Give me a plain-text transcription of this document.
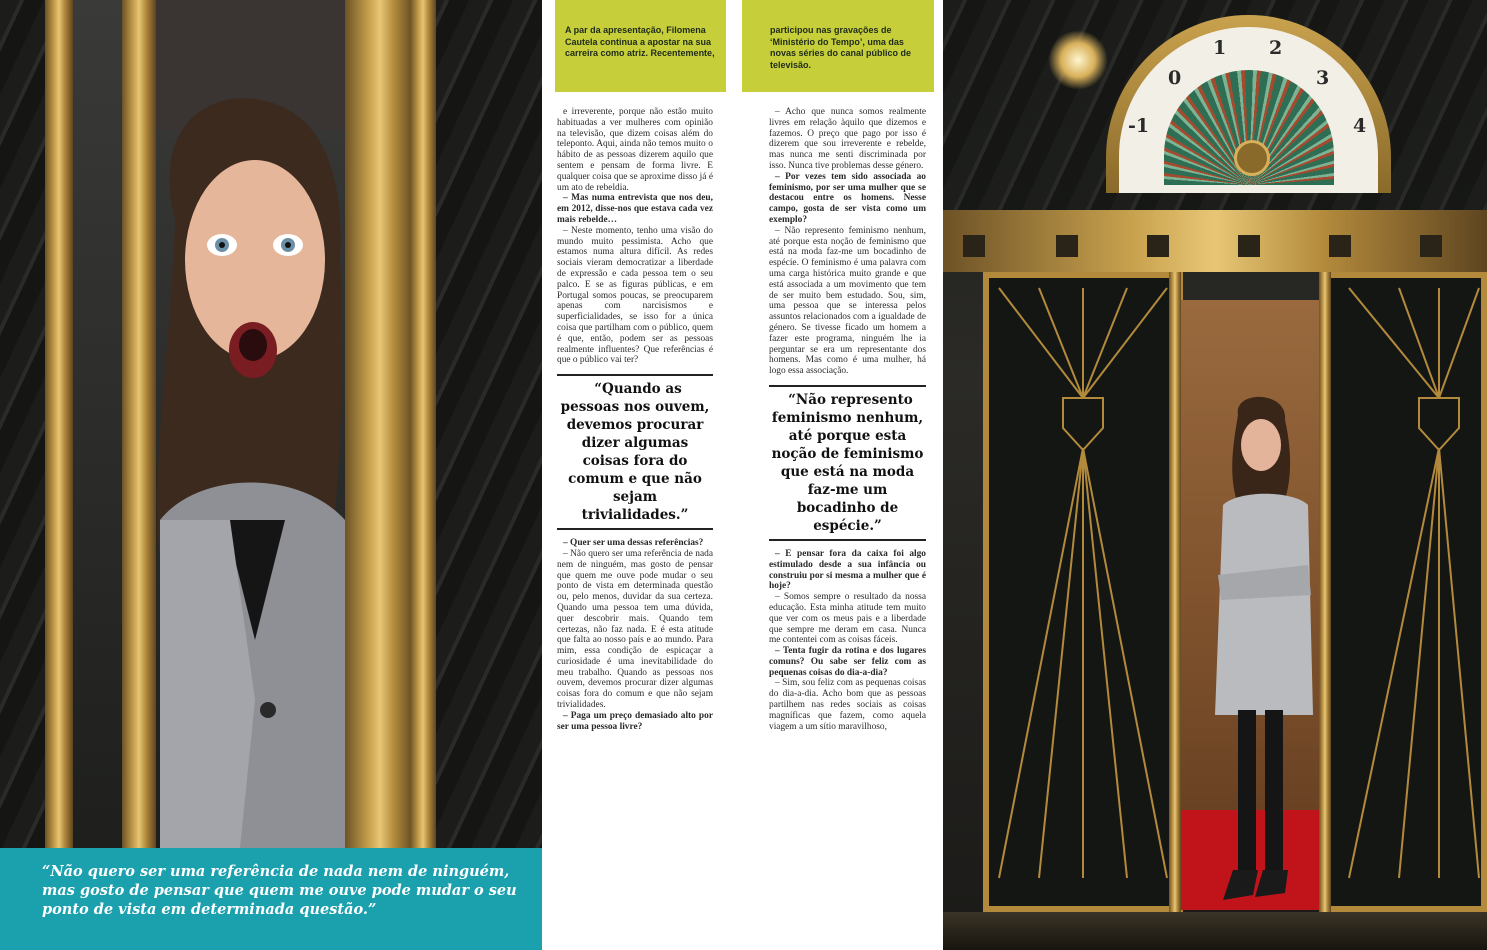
“Não quero ser uma referência de nada nem de ninguém, mas gosto de pensar que quem me ouve pode mudar o seu ponto de vista em determinada questão.”

A par da apresentação, Filomena Cautela continua a apostar na sua carreira como atriz. Recentemente,

e irreverente, porque não estão muito habituadas a ver mulheres com opinião na televisão, que dizem coisas além do teleponto. Aqui, ainda não temos muito o hábito de as pessoas dizerem aquilo que sentem e pensam de forma livre. E qualquer coisa que se aproxime disso já é um ato de rebeldia.

– Mas numa entrevista que nos deu, em 2012, disse-nos que estava cada vez mais rebelde…

– Neste momento, tenho uma visão do mundo muito pessimista. Acho que estamos numa altura difícil. As redes sociais vieram democratizar a liberdade de expressão e cada pessoa tem o seu palco. E se as figuras públicas, e em Portugal somos poucas, se preocuparem apenas com narcisismos e superficialidades, se isso for a única coisa que partilham com o público, quem é que, então, podem ser as pessoas realmente influentes? Que referências é que o público vai ter?

“Quando as pessoas nos ouvem, devemos procurar dizer algumas coisas fora do comum e que não sejam trivialidades.”

– Quer ser uma dessas referências?

– Não quero ser uma referência de nada nem de ninguém, mas gosto de pensar que quem me ouve pode mudar o seu ponto de vista em determinada questão ou, pelo menos, duvidar da sua certeza. Quando uma pessoa tem uma dúvida, quer descobrir mais. Quando tem certezas, não faz nada. E é esta atitude que falta ao nosso país e ao mundo. Para mim, essa condição de espicaçar a curiosidade é uma inevitabilidade do meu trabalho. Quando as pessoas nos ouvem, devemos procurar dizer algumas coisas fora do comum e que não sejam trivialidades.

– Paga um preço demasiado alto por ser uma pessoa livre?

participou nas gravações de ‘Ministério do Tempo’, uma das novas séries do canal público de televisão.

– Acho que nunca somos realmente livres em relação àquilo que dizemos e fazemos. O preço que pago por isso é dizerem que sou irreverente e rebelde, mas nunca me senti discriminada por isso. Nunca tive problemas desse género.

– Por vezes tem sido associada ao feminismo, por ser uma mulher que se destacou entre os homens. Nesse campo, gosta de ser vista como um exemplo?

– Não represento feminismo nenhum, até porque esta noção de feminismo que está na moda faz-me um bocadinho de espécie. O feminismo é uma palavra com uma carga histórica muito grande e que está associada a um movimento que tem de ser muito bem estudado. Sou, sim, uma pessoa que se interessa pelos assuntos relacionados com a igualdade de género. Se tivesse ficado um homem a fazer este programa, ninguém lhe ia perguntar se era um representante dos homens. Mas como é uma mulher, há logo essa associação.

“Não represento feminismo nenhum, até porque esta noção de feminismo que está na moda faz-me um bocadinho de espécie.”

– E pensar fora da caixa foi algo estimulado desde a sua infância ou construiu por si mesma a mulher que é hoje?

– Somos sempre o resultado da nossa educação. Esta minha atitude tem muito que ver com os meus pais e a liberdade que sempre me deram em casa. Nunca me contentei com as coisas fáceis.

– Tenta fugir da rotina e dos lugares comuns? Ou sabe ser feliz com as pequenas coisas do dia-a-dia?

– Sim, sou feliz com as pequenas coisas do dia-a-dia. Acho bom que as pessoas partilhem nas redes sociais as coisas magníficas que fazem, como aquela viagem a um sítio maravilhoso,

-1
0
1 2
3
4
